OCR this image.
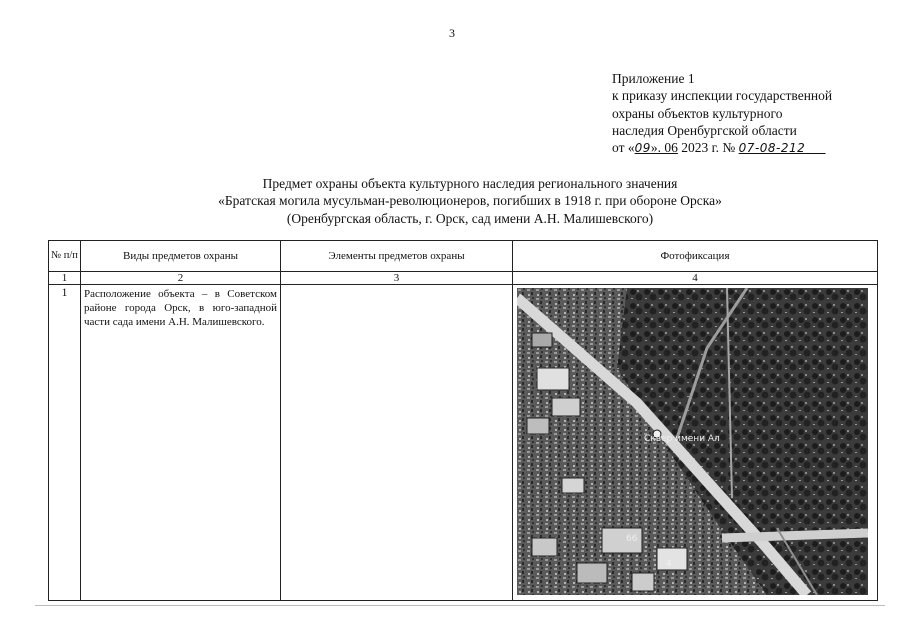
3
Приложение 1
к приказу инспекции государственной
охраны объектов культурного
наследия Оренбургской области
от «09». 06 2023 г. № 07-08-212
Предмет охраны объекта культурного наследия регионального значения
«Братская могила мусульман-революционеров, погибших в 1918 г. при обороне Орска»
(Оренбургская область, г. Орск, сад имени А.Н. Малишевского)
№ п/п	Виды предметов охраны	Элементы предметов охраны	Фотофиксация
1	2	3	4
1	Расположение объекта – в Советском районе города Орск, в юго-западной части сада имени А.Н. Малишевского.		Сквер имени Ал
66
4
